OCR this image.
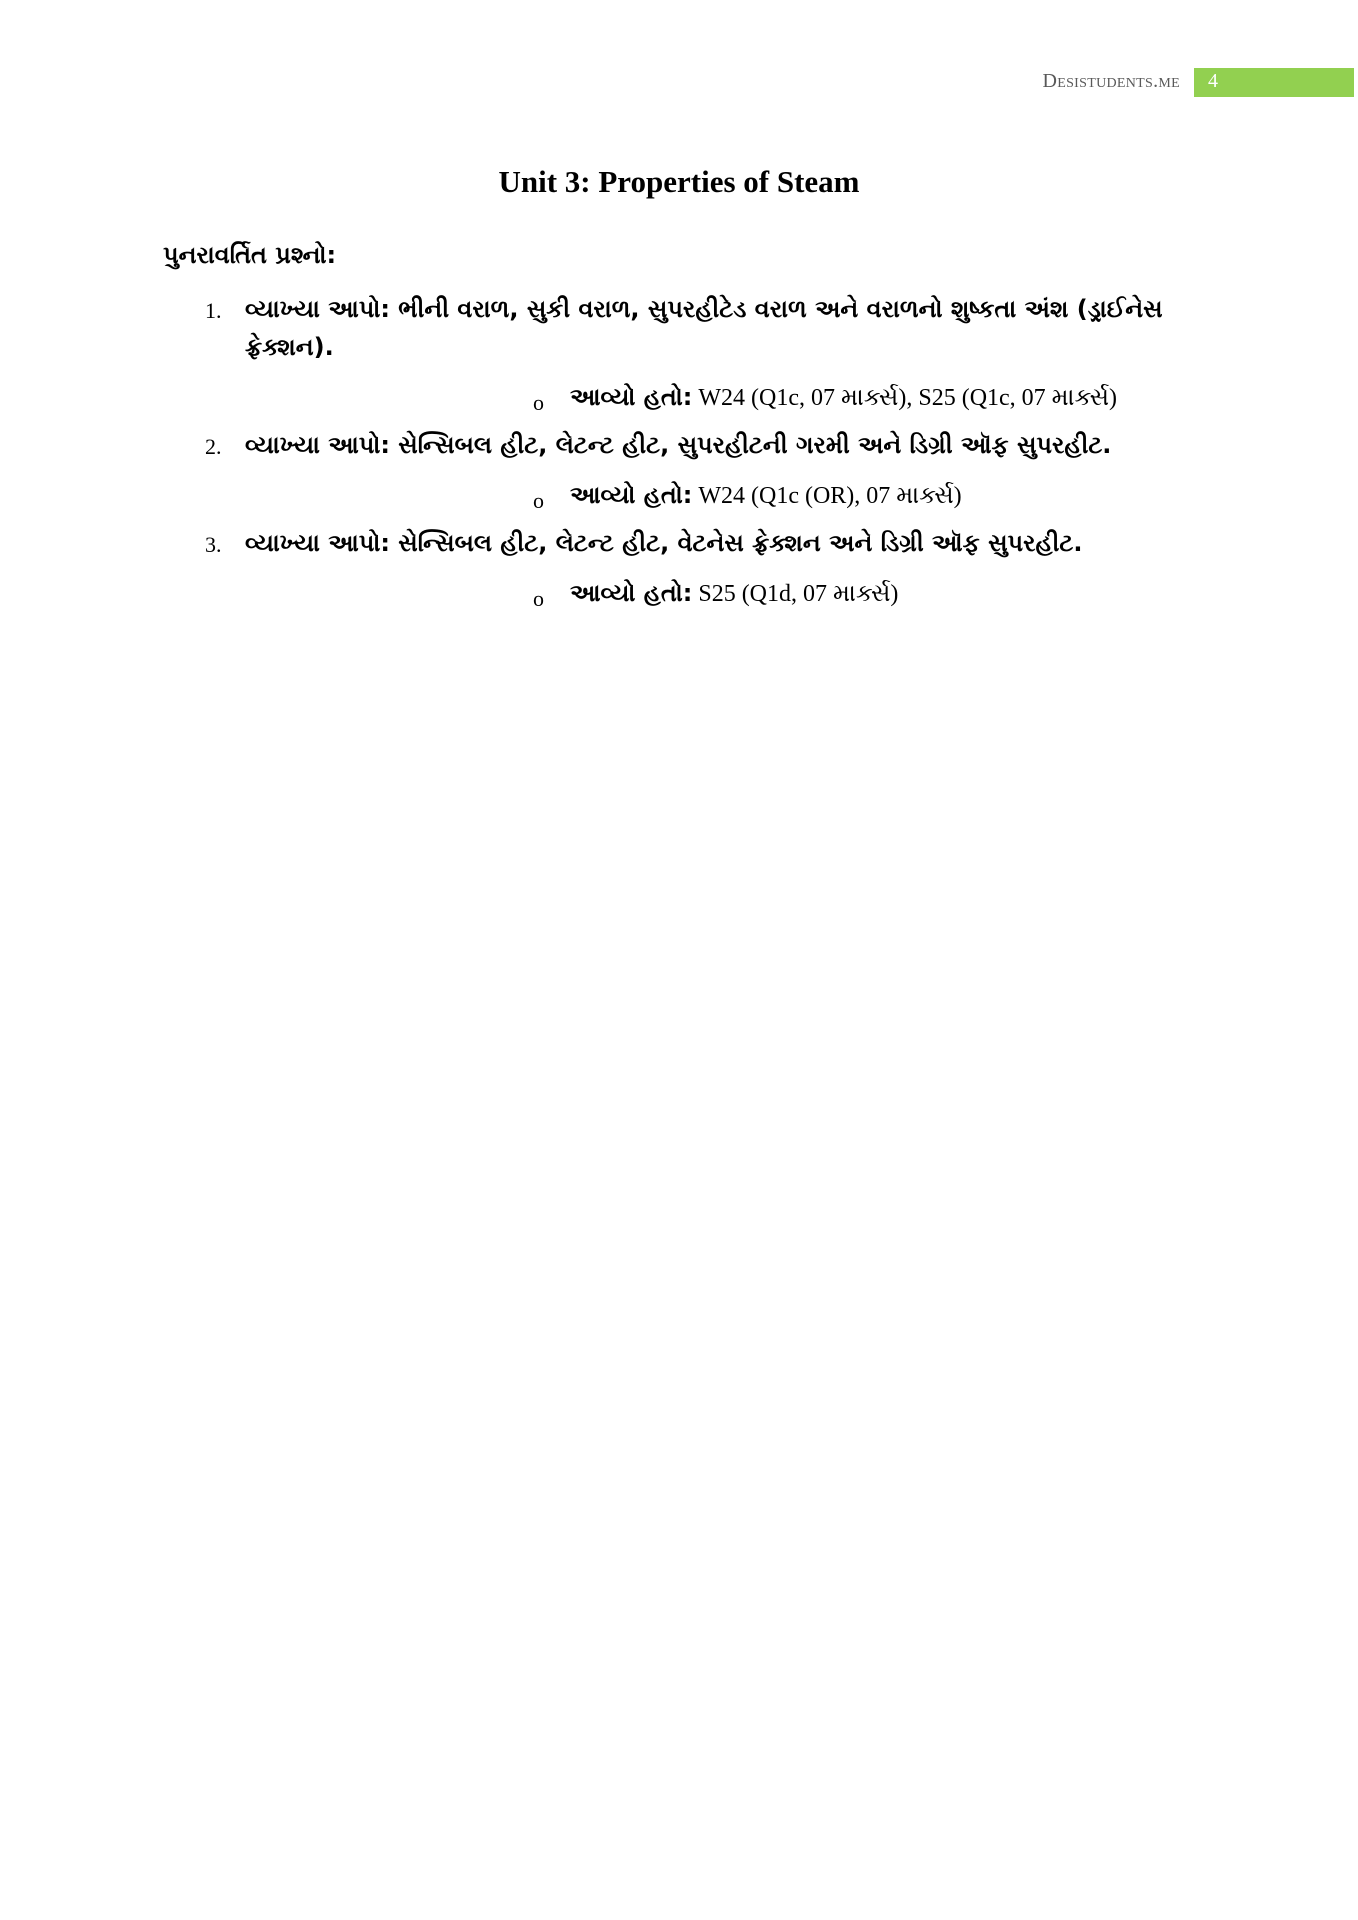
Desistudents.me 4
Unit 3: Properties of Steam
પુનરાવર્તિત પ્રશ્નો:
1. વ્યાખ્યા આપો: ભીની વરાળ, સુકી વરાળ, સુપરહીટેડ વરાળ અને વરાળનો શુષ્કતા અંશ (ડ્રાઈનેસ ફ્રેક્શન).
o આવ્યો હતો: W24 (Q1c, 07 માર્ક્સ), S25 (Q1c, 07 માર્ક્સ)
2. વ્યાખ્યા આપો: સેન્સિબલ હીટ, લેટન્ટ હીટ, સુપરહીટની ગરમી અને ડિગ્રી ઑફ સુપરહીટ.
o આવ્યો હતો: W24 (Q1c (OR), 07 માર્ક્સ)
3. વ્યાખ્યા આપો: સેન્સિબલ હીટ, લેટન્ટ હીટ, વેટનેસ ફ્રેક્શન અને ડિગ્રી ઑફ સુપરહીટ.
o આવ્યો હતો: S25 (Q1d, 07 માર્ક્સ)
